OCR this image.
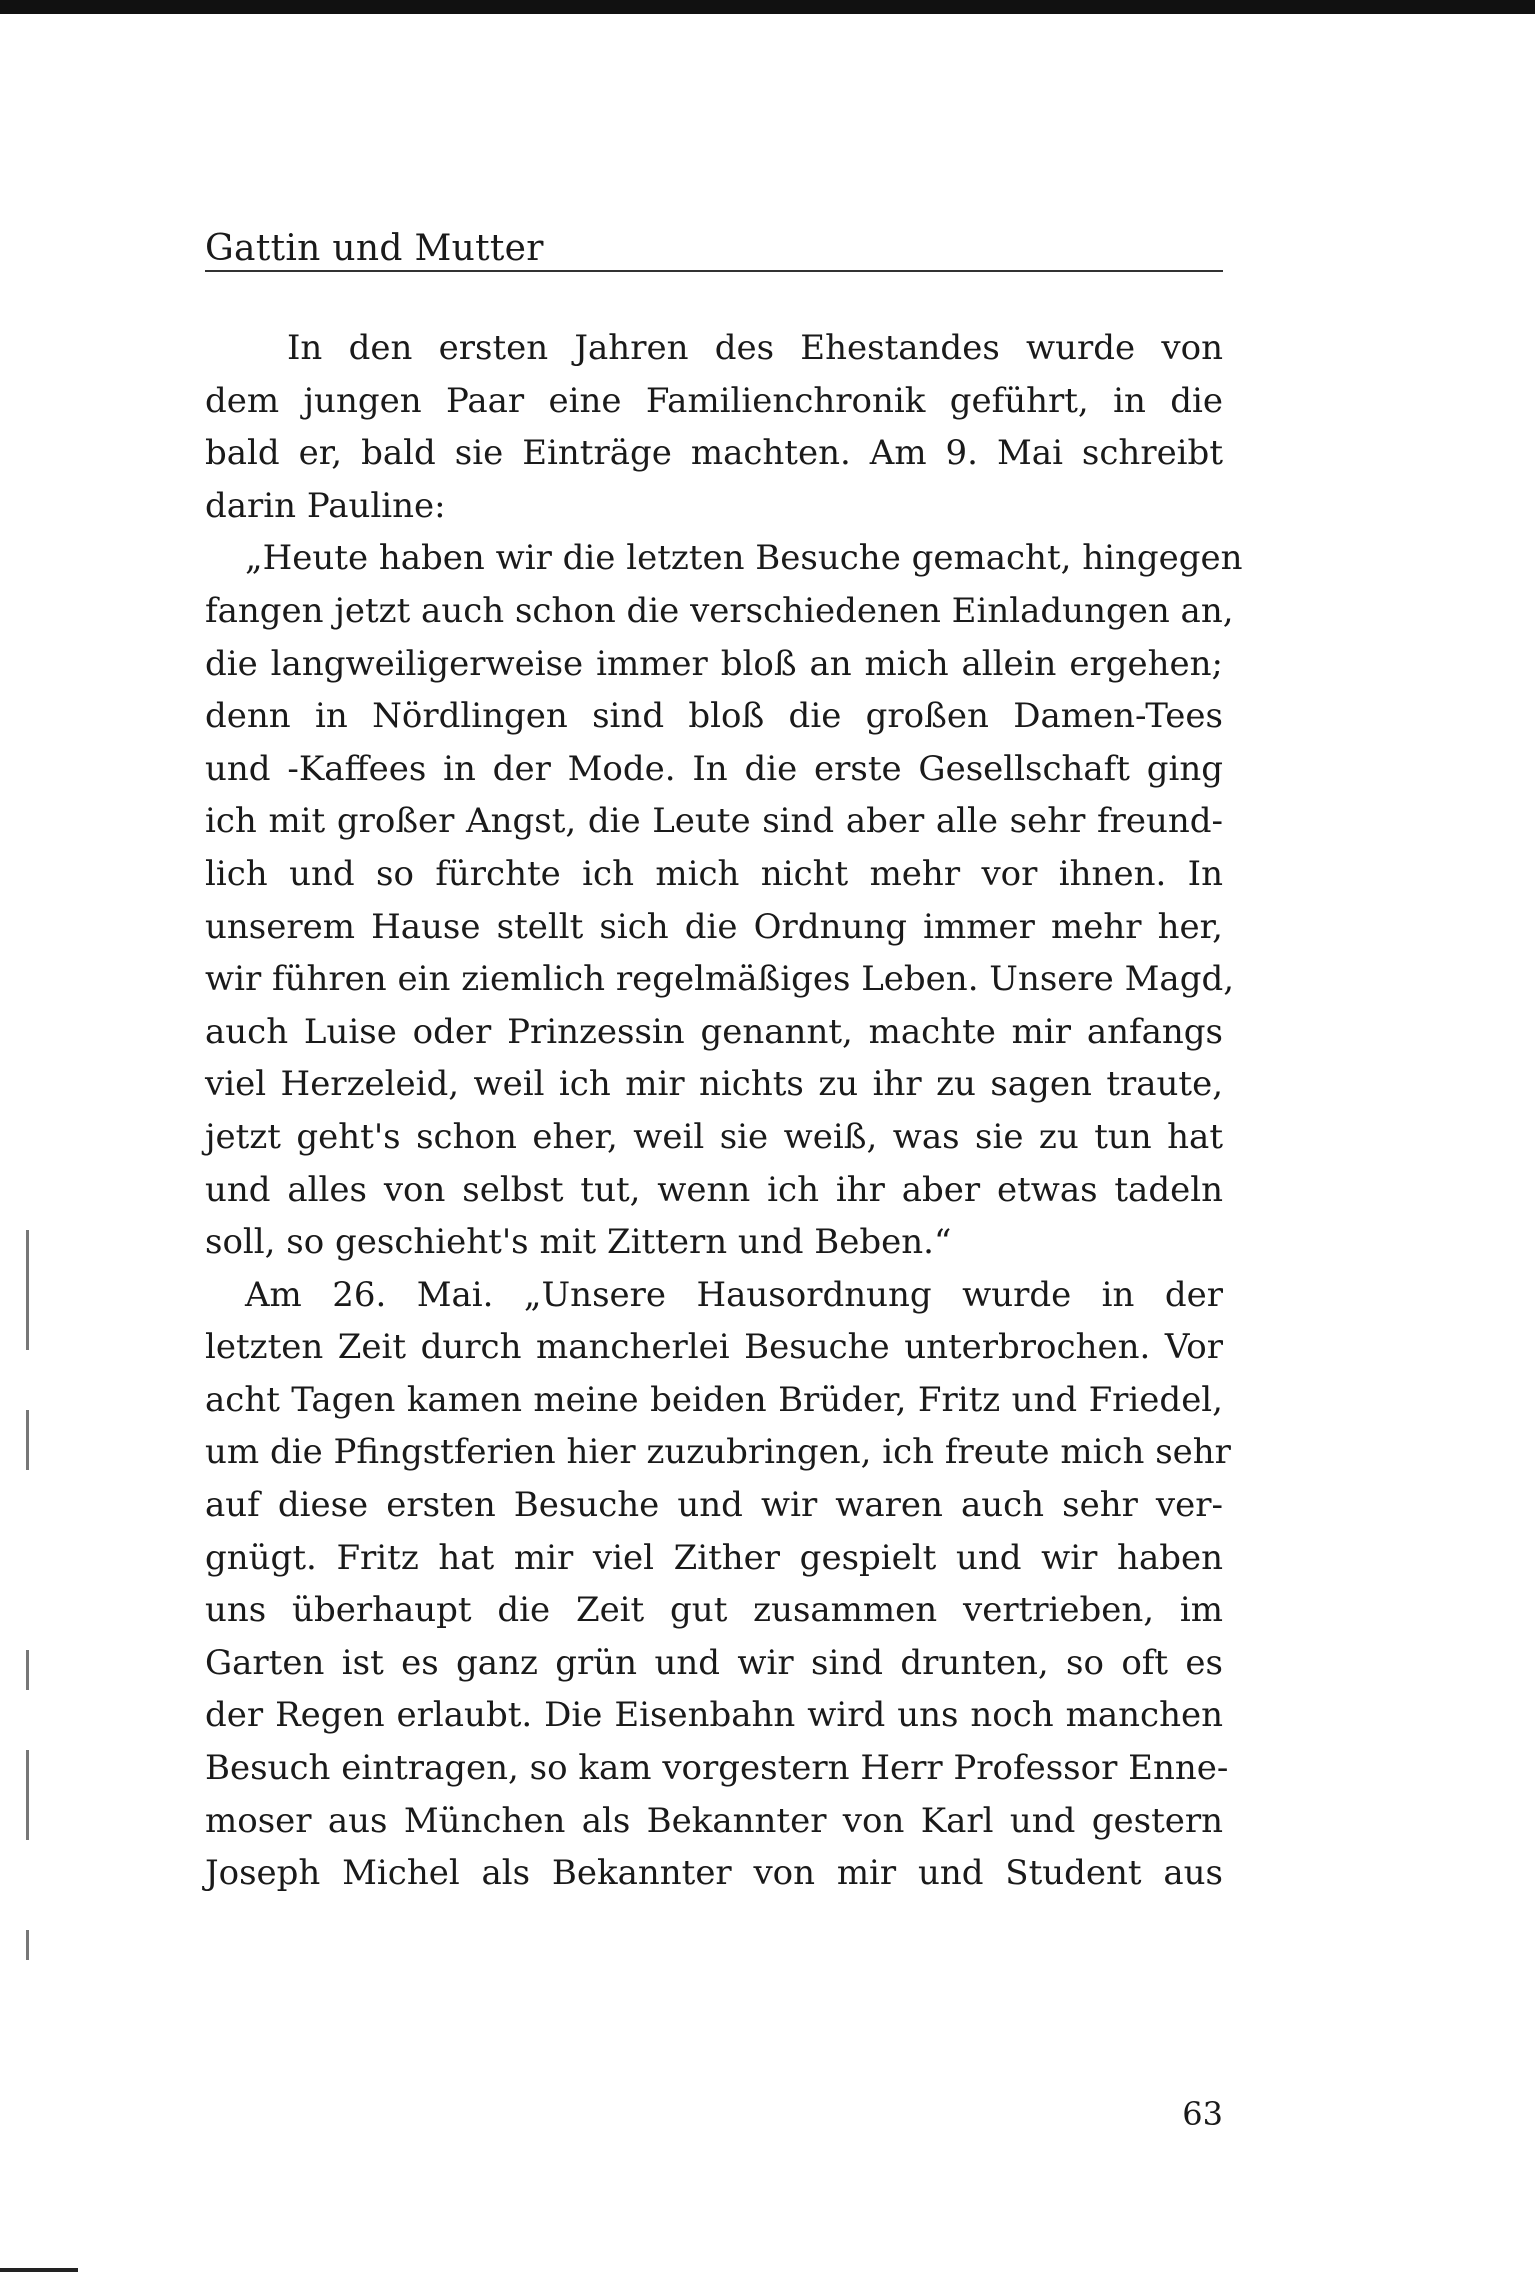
Gattin und Mutter
In den ersten Jahren des Ehestandes wurde von
dem jungen Paar eine Familienchronik geführt, in die
bald er, bald sie Einträge machten. Am 9. Mai schreibt
darin Pauline:
„Heute haben wir die letzten Besuche gemacht, hingegen
fangen jetzt auch schon die verschiedenen Einladungen an,
die langweiligerweise immer bloß an mich allein ergehen;
denn in Nördlingen sind bloß die großen Damen-Tees
und -Kaffees in der Mode. In die erste Gesellschaft ging
ich mit großer Angst, die Leute sind aber alle sehr freund-
lich und so fürchte ich mich nicht mehr vor ihnen. In
unserem Hause stellt sich die Ordnung immer mehr her,
wir führen ein ziemlich regelmäßiges Leben. Unsere Magd,
auch Luise oder Prinzessin genannt, machte mir anfangs
viel Herzeleid, weil ich mir nichts zu ihr zu sagen traute,
jetzt geht's schon eher, weil sie weiß, was sie zu tun hat
und alles von selbst tut, wenn ich ihr aber etwas tadeln
soll, so geschieht's mit Zittern und Beben.“
Am 26. Mai. „Unsere Hausordnung wurde in der
letzten Zeit durch mancherlei Besuche unterbrochen. Vor
acht Tagen kamen meine beiden Brüder, Fritz und Friedel,
um die Pfingstferien hier zuzubringen, ich freute mich sehr
auf diese ersten Besuche und wir waren auch sehr ver-
gnügt. Fritz hat mir viel Zither gespielt und wir haben
uns überhaupt die Zeit gut zusammen vertrieben, im
Garten ist es ganz grün und wir sind drunten, so oft es
der Regen erlaubt. Die Eisenbahn wird uns noch manchen
Besuch eintragen, so kam vorgestern Herr Professor Enne-
moser aus München als Bekannter von Karl und gestern
Joseph Michel als Bekannter von mir und Student aus
63
